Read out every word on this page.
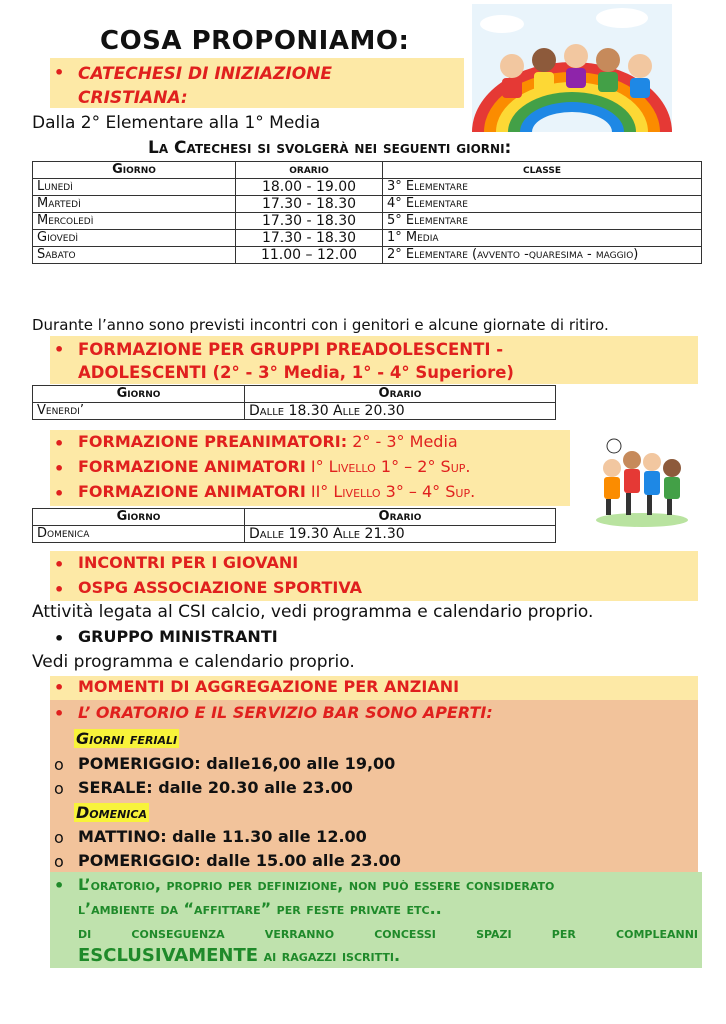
COSA PROPONIAMO:
• CATECHESI DI INIZIAZIONE
CRISTIANA:
Dalla 2° Elementare alla 1° Media
La Catechesi si svolgerà nei seguenti giorni:
Giorno	orario	classe
Lunedì	18.00 - 19.00	3° Elementare
Martedì	17.30 - 18.30	4° Elementare
Mercoledì	17.30 - 18.30	5° Elementare
Giovedì	17.30 - 18.30	1° Media
Sabato	11.00 – 12.00	2° Elementare (avvento -quaresima - maggio)
Durante l’anno sono previsti incontri con i genitori e alcune giornate di ritiro.
• FORMAZIONE PER GRUPPI PREADOLESCENTI -
ADOLESCENTI (2° - 3° Media, 1° - 4° Superiore)
Giorno	Orario
Venerdi’	Dalle 18.30 Alle 20.30
• FORMAZIONE PREANIMATORI: 2° - 3° Media
• FORMAZIONE ANIMATORI I° Livello 1° – 2° Sup.
• FORMAZIONE ANIMATORI II° Livello 3° – 4° Sup.
Giorno	Orario
Domenica	Dalle 19.30 Alle 21.30
• INCONTRI PER I GIOVANI
• OSPG ASSOCIAZIONE SPORTIVA
Attività legata al CSI calcio, vedi programma e calendario proprio.
• GRUPPO MINISTRANTI
Vedi programma e calendario proprio.
• MOMENTI DI AGGREGAZIONE PER ANZIANI
• L’ ORATORIO E IL SERVIZIO BAR SONO APERTI:
Giorni feriali
o POMERIGGIO: dalle16,00 alle 19,00
o SERALE: dalle 20.30 alle 23.00
Domenica
o MATTINO: dalle 11.30 alle 12.00
o POMERIGGIO: dalle 15.00 alle 23.00
• L’oratorio, proprio per definizione, non può essere considerato
l’ambiente da “affittare” per feste private etc..
di conseguenza verranno concessi spazi per compleanni
ESCLUSIVAMENTE ai ragazzi iscritti.
